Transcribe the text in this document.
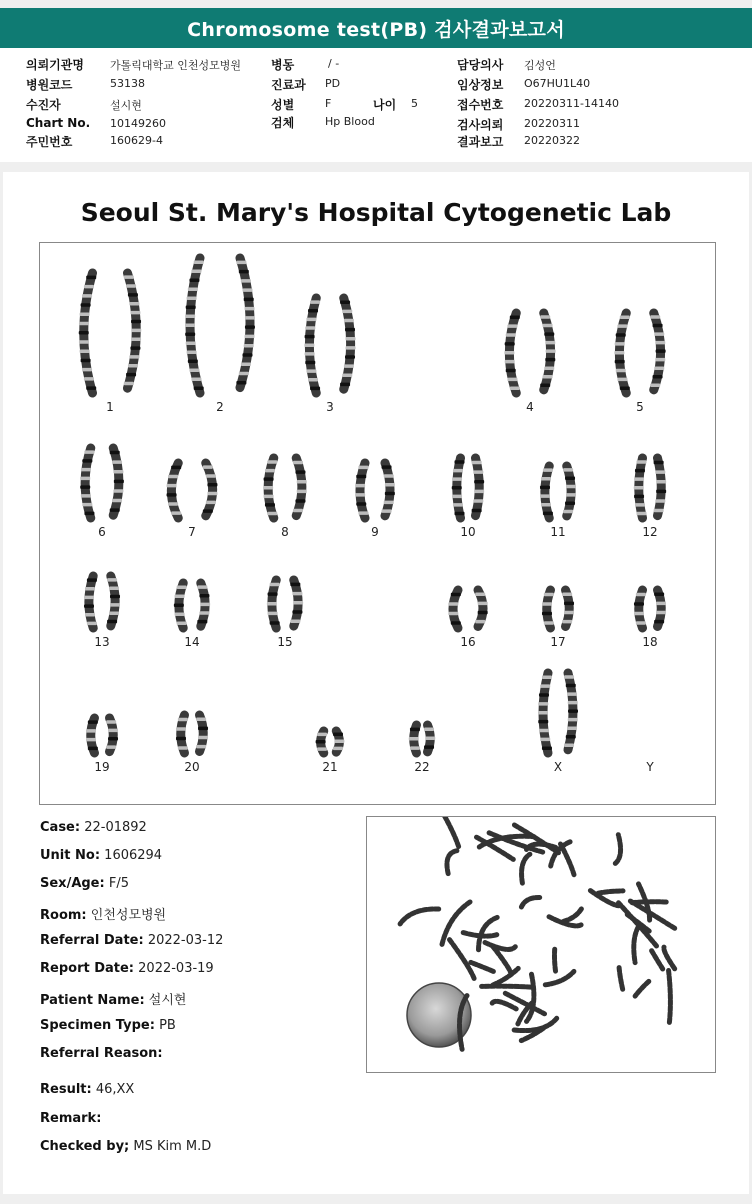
Chromosome test(PB) 검사결과보고서
의뢰기관명 가톨릭대학교 인천성모병원
병원코드	53138
수진자	설시현
Chart No. 10149260
주민번호	160629-4
병동	/ -
진료과 PD
성별	F	나이 5
검체	Hp Blood
담당의사 김성언
임상정보 O67HU1L40
접수번호 20220311-14140
검사의뢰 20220311
결과보고 20220322
Seoul St. Mary's Hospital Cytogenetic Lab
1	2	3	4	5
6	7	8	9	10	11	12
13	14	15	16	17	18
19	20	21	22	X	Y
Case: 22-01892
Unit No: 1606294
Sex/Age: F/5
Room: 인천성모병원
Referral Date: 2022-03-12
Report Date: 2022-03-19
Patient Name: 설시현
Specimen Type: PB
Referral Reason:
Result: 46,XX
Remark:
Checked by; MS Kim M.D
